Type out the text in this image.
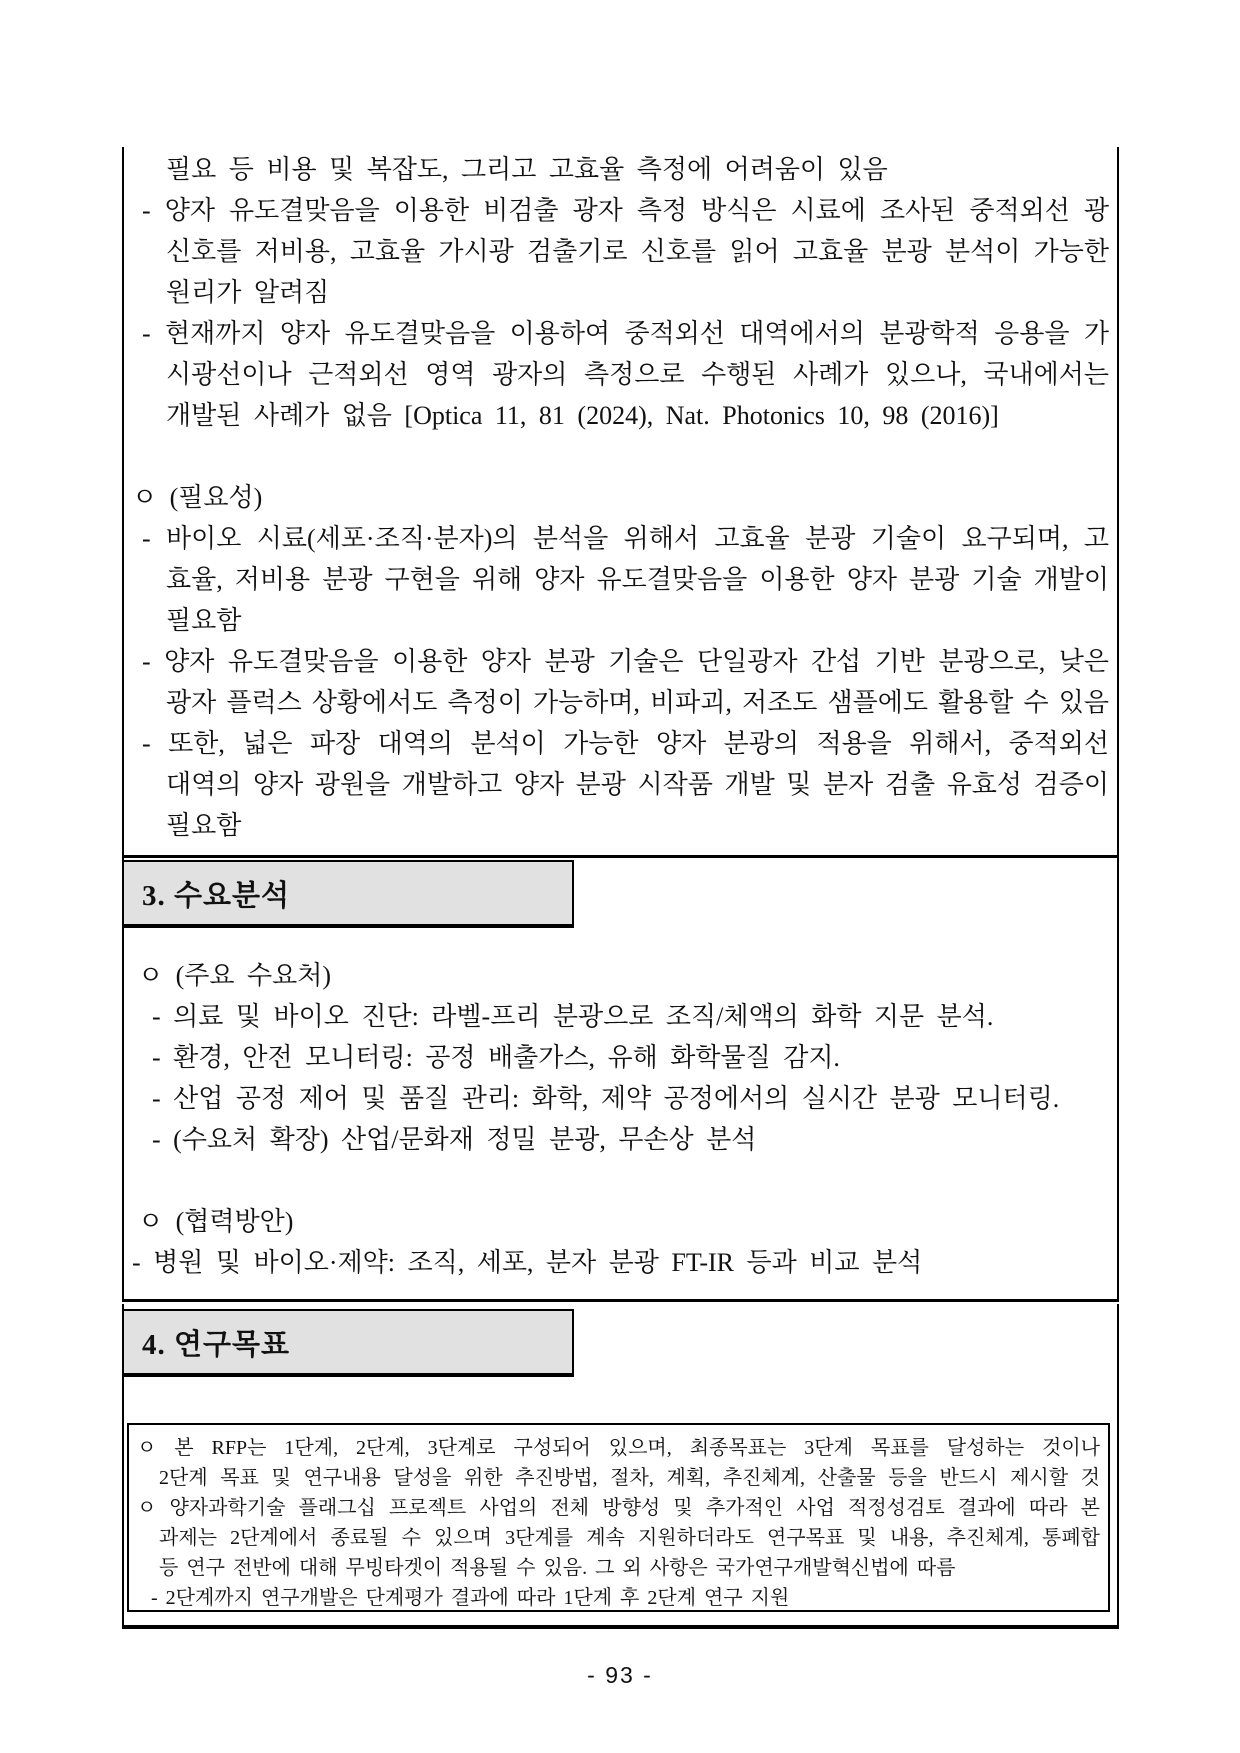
필요 등 비용 및 복잡도, 그리고 고효율 측정에 어려움이 있음
- 양자 유도결맞음을 이용한 비검출 광자 측정 방식은 시료에 조사된 중적외선 광
신호를 저비용, 고효율 가시광 검출기로 신호를 읽어 고효율 분광 분석이 가능한
원리가 알려짐
- 현재까지 양자 유도결맞음을 이용하여 중적외선 대역에서의 분광학적 응용을 가
시광선이나 근적외선 영역 광자의 측정으로 수행된 사례가 있으나, 국내에서는
개발된 사례가 없음 [Optica 11, 81 (2024), Nat. Photonics 10, 98 (2016)]
ㅇ (필요성)
- 바이오 시료(세포·조직·분자)의 분석을 위해서 고효율 분광 기술이 요구되며, 고
효율, 저비용 분광 구현을 위해 양자 유도결맞음을 이용한 양자 분광 기술 개발이
필요함
- 양자 유도결맞음을 이용한 양자 분광 기술은 단일광자 간섭 기반 분광으로, 낮은
광자 플럭스 상황에서도 측정이 가능하며, 비파괴, 저조도 샘플에도 활용할 수 있음
- 또한, 넓은 파장 대역의 분석이 가능한 양자 분광의 적용을 위해서, 중적외선
대역의 양자 광원을 개발하고 양자 분광 시작품 개발 및 분자 검출 유효성 검증이
필요함
3. 수요분석
ㅇ (주요 수요처)
- 의료 및 바이오 진단: 라벨-프리 분광으로 조직/체액의 화학 지문 분석.
- 환경, 안전 모니터링: 공정 배출가스, 유해 화학물질 감지.
- 산업 공정 제어 및 품질 관리: 화학, 제약 공정에서의 실시간 분광 모니터링.
- (수요처 확장) 산업/문화재 정밀 분광, 무손상 분석
ㅇ (협력방안)
- 병원 및 바이오·제약: 조직, 세포, 분자 분광 FT-IR 등과 비교 분석
4. 연구목표
ㅇ 본 RFP는 1단계, 2단계, 3단계로 구성되어 있으며, 최종목표는 3단계 목표를 달성하는 것이나
2단계 목표 및 연구내용 달성을 위한 추진방법, 절차, 계획, 추진체계, 산출물 등을 반드시 제시할 것
ㅇ 양자과학기술 플래그십 프로젝트 사업의 전체 방향성 및 추가적인 사업 적정성검토 결과에 따라 본
과제는 2단계에서 종료될 수 있으며 3단계를 계속 지원하더라도 연구목표 및 내용, 추진체계, 통폐합
등 연구 전반에 대해 무빙타겟이 적용될 수 있음. 그 외 사항은 국가연구개발혁신법에 따름
- 2단계까지 연구개발은 단계평가 결과에 따라 1단계 후 2단계 연구 지원
- 93 -
